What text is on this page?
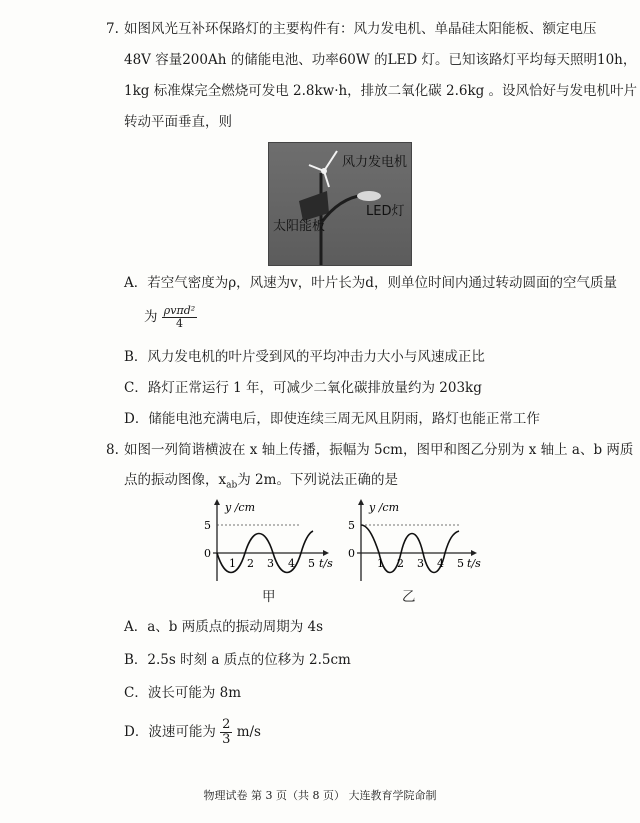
7. 如图风光互补环保路灯的主要构件有：风力发电机、单晶硅太阳能板、额定电压
48V 容量200Ah 的储能电池、功率60W 的LED 灯。已知该路灯平均每天照明10h，
1kg 标准煤完全燃烧可发电 2.8kw·h，排放二氧化碳 2.6kg 。设风恰好与发电机叶片
转动平面垂直，则
风力发电机
LED灯
太阳能板
A．若空气密度为ρ，风速为v，叶片长为d，则单位时间内通过转动圆面的空气质量
为 $\frac{\text{ρvπd²}}{4}$
B．风力发电机的叶片受到风的平均冲击力大小与风速成正比
C．路灯正常运行 1 年，可减少二氧化碳排放量约为 203kg
D．储能电池充满电后，即使连续三周无风且阴雨，路灯也能正常工作
8. 如图一列简谐横波在 x 轴上传播，振幅为 5cm，图甲和图乙分别为 x 轴上 a、b 两质
点的振动图像，$x_{ab}$为 2m。下列说法正确的是
y /cm
5
0
1 2 3 4 5 t/s
甲
y /cm
5
0
1 2 3 4 5 t/s
乙
A．a、b 两质点的振动周期为 4s
B．2.5s 时刻 a 质点的位移为 2.5cm
C．波长可能为 8m
D．波速可能为 $\frac{2}{3} m/s$
物理试卷 第 3 页（共 8 页） 大连教育学院命制
